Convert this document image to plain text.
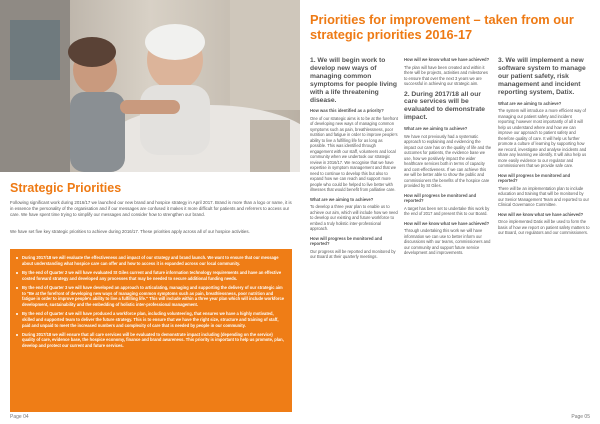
Strategic Priorities

Following significant work during 2016/17 we launched our new brand and hospice strategy in April 2017. Brand is more than a logo or name, it is in essence the personality of the organisation and if our messages are confused it makes it more difficult for patients and referrers to access our care. We have spent time trying to simplify our messages and consider how to strengthen our brand.

We have set five key strategic priorities to achieve during 2016/17. These priorities apply across all of our hospice activities.

During 2017/18 we will evaluate the effectiveness and impact of our strategy and brand launch. We want to ensure that our message about understanding what hospice care can offer and how to access it is expanded across our local community.
By the end of Quarter 2 we will have evaluated St Giles current and future information technology requirements and have an effective costed forward strategy and developed any processes that may be needed to secure additional funding needs.
By the end of Quarter 3 we will have developed an approach to articulating, managing and supporting the delivery of our strategic aim to "Be at the forefront of developing new ways of managing common symptoms such as pain, breathlessness, poor nutrition and fatigue in order to improve people's ability to live a fulfilling life." This will include within a three year plan which will include workforce development, sustainability and the embedding of holistic inter-professional management.
By the end of Quarter 4 we will have produced a workforce plan, including volunteering, that ensures we have a highly motivated, skilled and supported team to deliver the future strategy. This is to ensure that we have the right size, structure and training of staff, paid and unpaid to meet the increased numbers and complexity of care that is needed by people in our community.
During 2017/18 we will ensure that all care services will be evaluated to demonstrate impact including (depending on the service) quality of care, evidence base, the hospice economy, finance and brand awareness. This priority is important to help us promote, plan, develop and protect our current and future services.
Page 04
Priorities for improvement – taken from our strategic priorities 2016-17

1. We will begin work to develop new ways of managing common symptoms for people living with a life threatening disease.

How was this identified as a priority?

One of our strategic aims is to be at the forefront of developing new ways of managing common symptoms such as pain, breathlessness, poor nutrition and fatigue in order to improve people's ability to live a fulfilling life for as long as possible. This was identified through engagement with our staff, volunteers and local community when we undertook our strategic review in 2016/17. We recognise that we have expertise in symptom management and that we need to continue to develop this but also to expand how we can reach and support more people who could be helped to live better with illnesses that would benefit from palliative care.

What are we aiming to achieve?

To develop a three year plan to enable us to achieve our aim, which will include how we need to develop our existing and future workforce to embed a truly holistic inter-professional approach.

How will progress be monitored and reported?

Our progress will be reported and monitored by our Board at their quarterly meetings.

How will we know what we have achieved?

The plan will have been created and within it there will be projects, activities and milestones to ensure that over the next 3 years we are successful in achieving our strategic aim.

2. During 2017/18 all our care services will be evaluated to demonstrate impact.

What are we aiming to achieve?

We have not previously had a systematic approach to explaining and evidencing the impact our care has on the quality of life and the outcomes for patients, the evidence base we use, how we positively impact the wider healthcare services both in terms of capacity and cost-effectiveness. If we can achieve this we will be better able to show the public and commissioners the benefits of the hospice care provided by St Giles.

How will progress be monitored and reported?

A target has been set to undertake this work by the end of 2017 and present this to our Board.

How will we know what we have achieved?

Through undertaking this work we will have information we can use to better inform our discussions with our teams, commissioners and our community and support future service development and improvements.

3. We will implement a new software system to manage our patient safety, risk management and incident reporting system, Datix.

What are we aiming to achieve?

The system will introduce a more efficient way of managing our patient safety and incident reporting; however most importantly of all it will help us understand where and how we can improve our approach to patient safety and therefore quality of care. It will help us further promote a culture of learning by supporting how we record, investigate and analyse incidents and share any learning we identify. It will also help us more easily evidence to our regulator and commissioners that we provide safe care.

How will progress be monitored and reported?

There will be an implementation plan to include education and training that will be monitored by our Senior Management Team and reported to our Clinical Governance Committee.

How will we know what we have achieved?

Once implemented Datix will be used to form the basis of how we report on patient safety matters to our Board, our regulators and our commissioners.

Page 05
